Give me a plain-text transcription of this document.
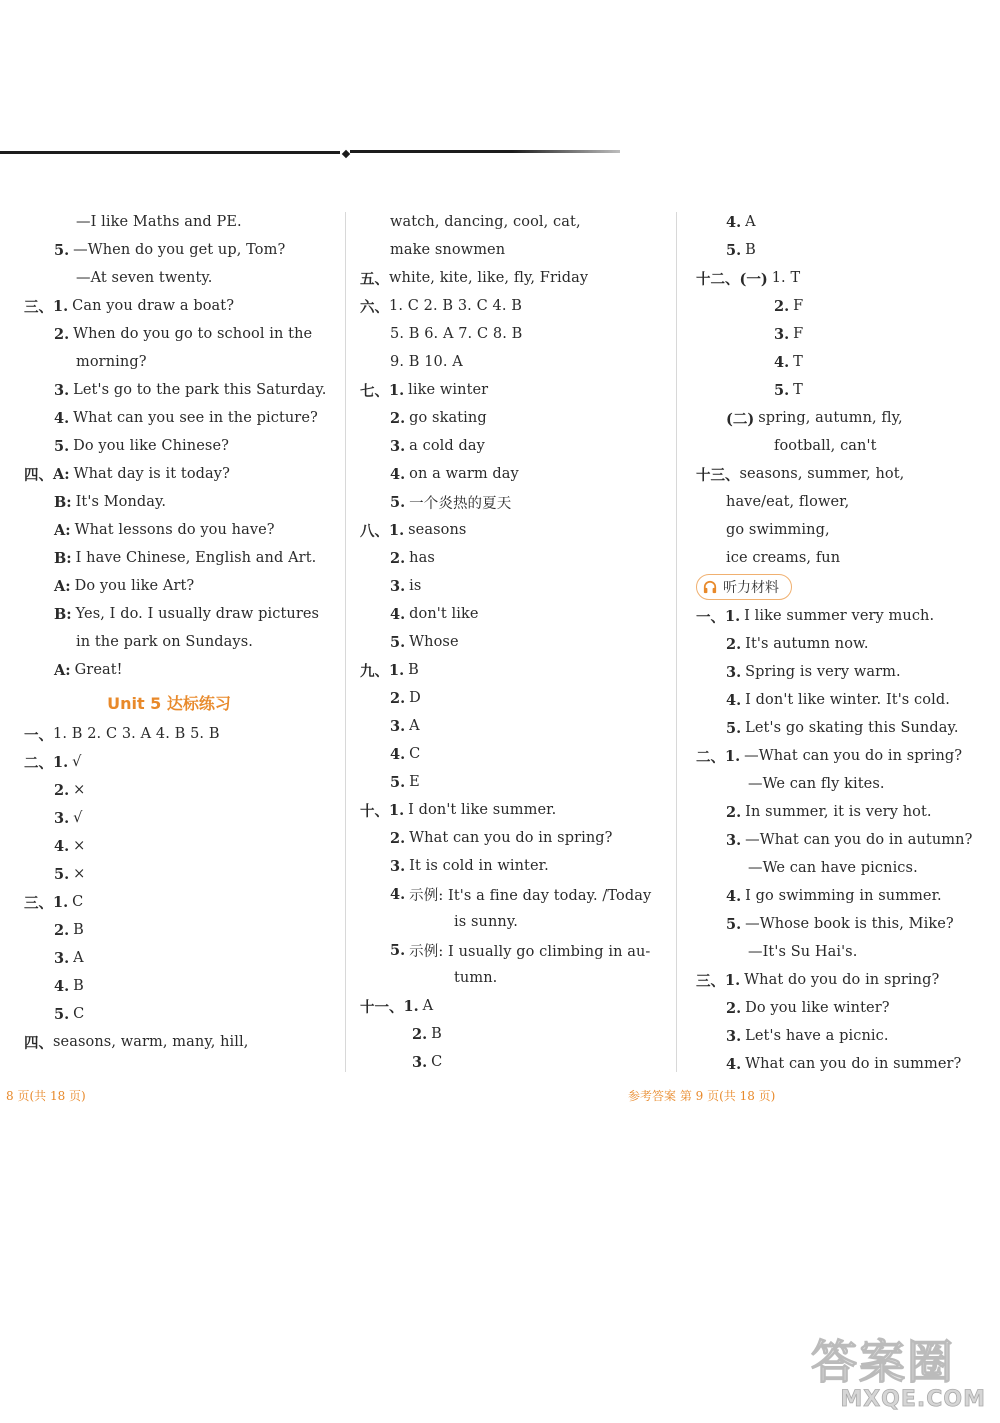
—I like Maths and PE.
5. —When do you get up, Tom?
—At seven twenty.
三、 1. Can you draw a boat?
2. When do you go to school in the
morning?
3. Let's go to the park this Saturday.
4. What can you see in the picture?
5. Do you like Chinese?
四、 A: What day is it today?
B: It's Monday.
A: What lessons do you have?
B: I have Chinese, English and Art.
A: Do you like Art?
B: Yes, I do. I usually draw pictures
in the park on Sundays.
A: Great!
Unit 5 达标练习
一、 1. B 2. C 3. A 4. B 5. B
二、 1. √
2. ×
3. √
4. ×
5. ×
三、 1. C
2. B
3. A
4. B
5. C
四、 seasons, warm, many, hill,
watch, dancing, cool, cat,
make snowmen
五、 white, kite, like, fly, Friday
六、 1. C 2. B 3. C 4. B
5. B 6. A 7. C 8. B
9. B 10. A
七、 1. like winter
2. go skating
3. a cold day
4. on a warm day
5. 一个炎热的夏天
八、 1. seasons
2. has
3. is
4. don't like
5. Whose
九、 1. B
2. D
3. A
4. C
5. E
十、 1. I don't like summer.
2. What can you do in spring?
3. It is cold in winter.
4. 示例: It's a fine day today. /Today
is sunny.
5. 示例: I usually go climbing in au-
tumn.
十一、 1. A
2. B
3. C
4. A
5. B
十二、 (一) 1. T
2. F
3. F
4. T
5. T
(二) spring, autumn, fly,
football, can't
十三、 seasons, summer, hot,
have/eat, flower,
go swimming,
ice creams, fun
听力材料
一、 1. I like summer very much.
2. It's autumn now.
3. Spring is very warm.
4. I don't like winter. It's cold.
5. Let's go skating this Sunday.
二、 1. —What can you do in spring?
—We can fly kites.
2. In summer, it is very hot.
3. —What can you do in autumn?
—We can have picnics.
4. I go swimming in summer.
5. —Whose book is this, Mike?
—It's Su Hai's.
三、 1. What do you do in spring?
2. Do you like winter?
3. Let's have a picnic.
4. What can you do in summer?
8 页(共 18 页)	参考答案 第 9 页(共 18 页)
答案圈
MXQE.COM
